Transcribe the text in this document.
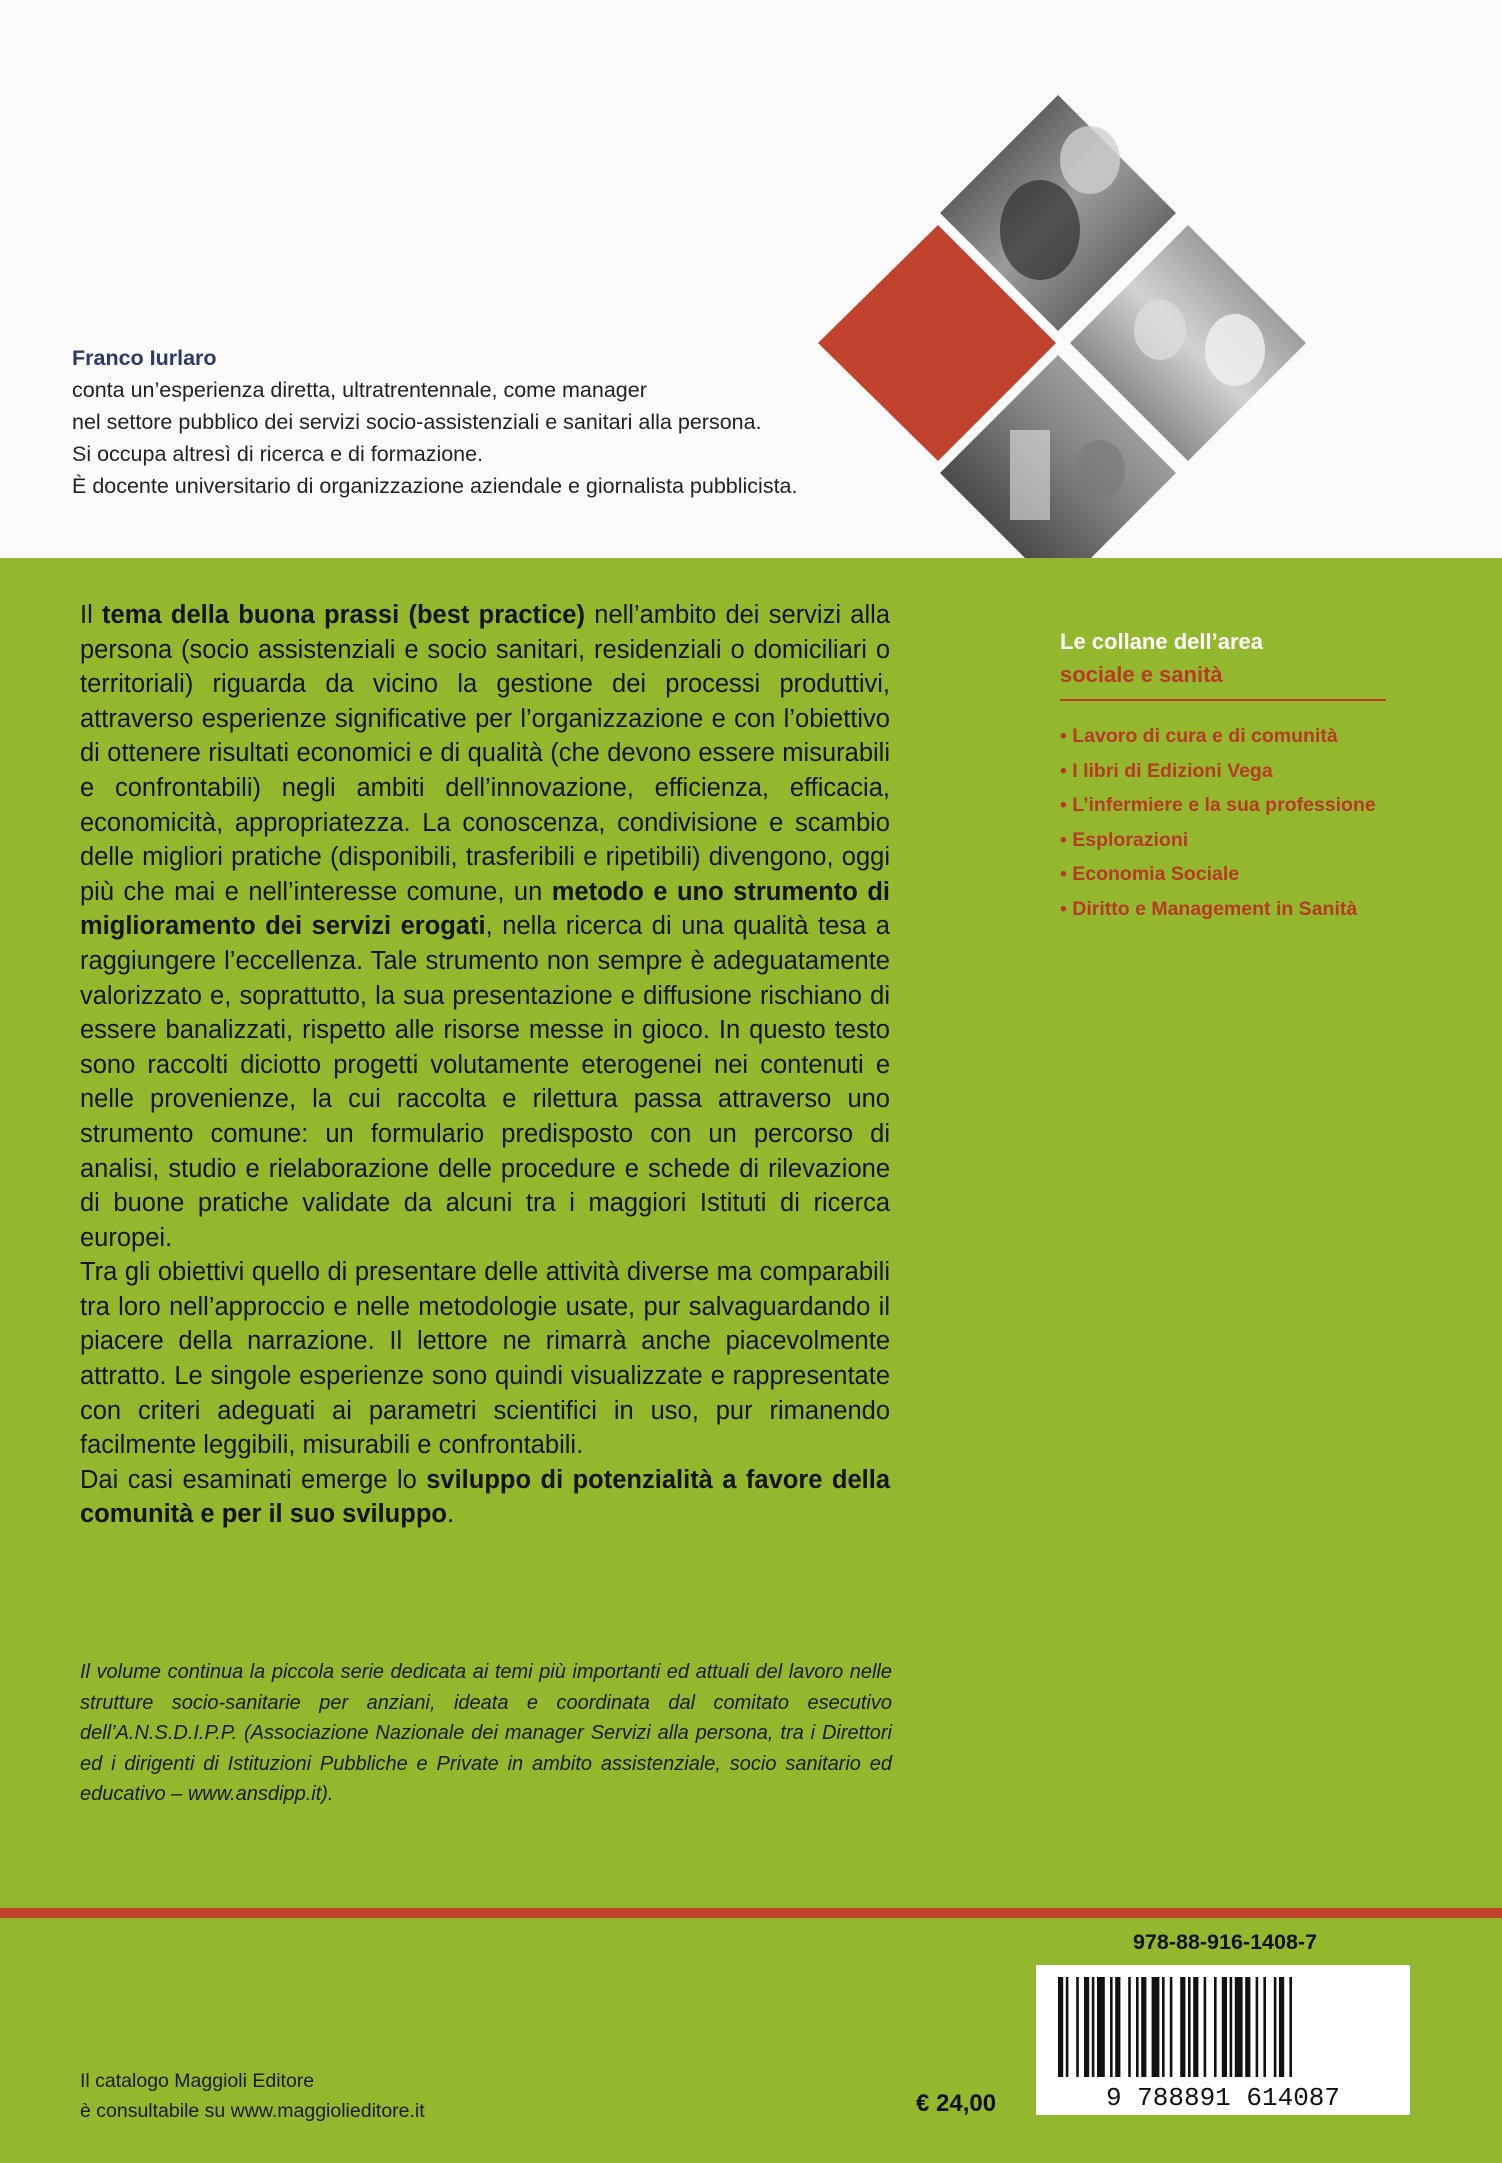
Franco Iurlaro
conta un’esperienza diretta, ultratrentennale, come manager
nel settore pubblico dei servizi socio-assistenziali e sanitari alla persona.
Si occupa altresì di ricerca e di formazione.
È docente universitario di organizzazione aziendale e giornalista pubblicista.

Il tema della buona prassi (best practice) nell’ambito dei servizi alla persona (socio assistenziali e socio sanitari, residenziali o domiciliari o territoriali) riguarda da vicino la gestione dei processi produttivi, attraverso esperienze significative per l’organizzazione e con l’obiettivo di ottenere risultati economici e di qualità (che devono essere misurabili e confrontabili) negli ambiti dell’innovazione, efficienza, efficacia, economicità, appropriatezza. La conoscenza, condivisione e scambio delle migliori pratiche (disponibili, trasferibili e ripetibili) divengono, oggi più che mai e nell’interesse comune, un metodo e uno strumento di miglioramento dei servizi erogati, nella ricerca di una qualità tesa a raggiungere l’eccellenza. Tale strumento non sempre è adeguatamente valorizzato e, soprattutto, la sua presentazione e diffusione rischiano di essere banalizzati, rispetto alle risorse messe in gioco. In questo testo sono raccolti diciotto progetti volutamente eterogenei nei contenuti e nelle provenienze, la cui raccolta e rilettura passa attraverso uno strumento comune: un formulario predisposto con un percorso di analisi, studio e rielaborazione delle procedure e schede di rilevazione di buone pratiche validate da alcuni tra i maggiori Istituti di ricerca europei.

Tra gli obiettivi quello di presentare delle attività diverse ma comparabili tra loro nell’approccio e nelle metodologie usate, pur salvaguardando il piacere della narrazione. Il lettore ne rimarrà anche piacevolmente attratto. Le singole esperienze sono quindi visualizzate e rappresentate con criteri adeguati ai parametri scientifici in uso, pur rimanendo facilmente leggibili, misurabili e confrontabili.

Dai casi esaminati emerge lo sviluppo di potenzialità a favore della comunità e per il suo sviluppo.

Il volume continua la piccola serie dedicata ai temi più importanti ed attuali del lavoro nelle strutture socio-sanitarie per anziani, ideata e coordinata dal comitato esecutivo dell’A.N.S.D.I.P.P. (Associazione Nazionale dei manager Servizi alla persona, tra i Direttori ed i dirigenti di Istituzioni Pubbliche e Private in ambito assistenziale, socio sanitario ed educativo – www.ansdipp.it).
Le collane dell’area
sociale e sanità
• Lavoro di cura e di comunità
• I libri di Edizioni Vega
• L’infermiere e la sua professione
• Esplorazioni
• Economia Sociale
• Diritto e Management in Sanità
978-88-916-1408-7
9 788891 614087
Il catalogo Maggioli Editore
è consultabile su www.maggiolieditore.it	€ 24,00
